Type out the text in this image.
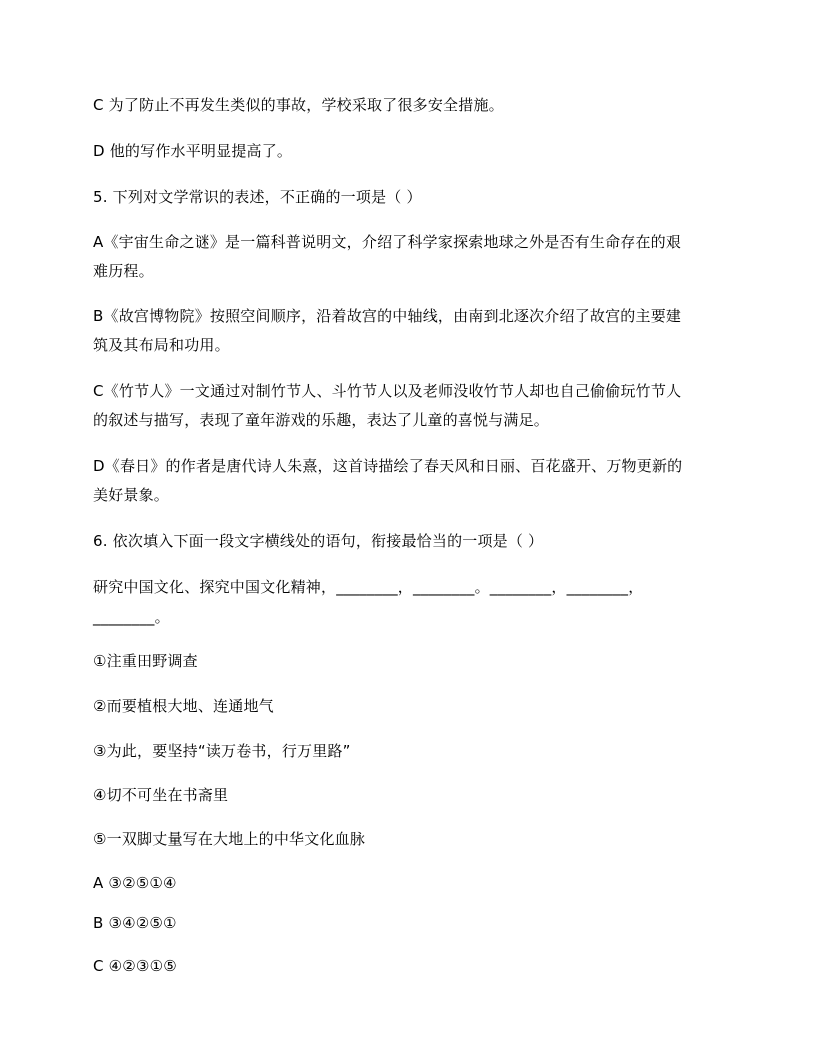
C 为了防止不再发生类似的事故，学校采取了很多安全措施。
D 他的写作水平明显提高了。
5. 下列对文学常识的表述，不正确的一项是（ ）
A《宇宙生命之谜》是一篇科普说明文，介绍了科学家探索地球之外是否有生命存在的艰
难历程。
B《故宫博物院》按照空间顺序，沿着故宫的中轴线，由南到北逐次介绍了故宫的主要建
筑及其布局和功用。
C《竹节人》一文通过对制竹节人、斗竹节人以及老师没收竹节人却也自己偷偷玩竹节人
的叙述与描写，表现了童年游戏的乐趣，表达了儿童的喜悦与满足。
D《春日》的作者是唐代诗人朱熹，这首诗描绘了春天风和日丽、百花盛开、万物更新的
美好景象。
6. 依次填入下面一段文字横线处的语句，衔接最恰当的一项是（ ）
研究中国文化、探究中国文化精神，________，________。________，________，
________。
①注重田野调查
②而要植根大地、连通地气
③为此，要坚持“读万卷书，行万里路”
④切不可坐在书斋里
⑤一双脚丈量写在大地上的中华文化血脉
A ③②⑤①④
B ③④②⑤①
C ④②③①⑤
